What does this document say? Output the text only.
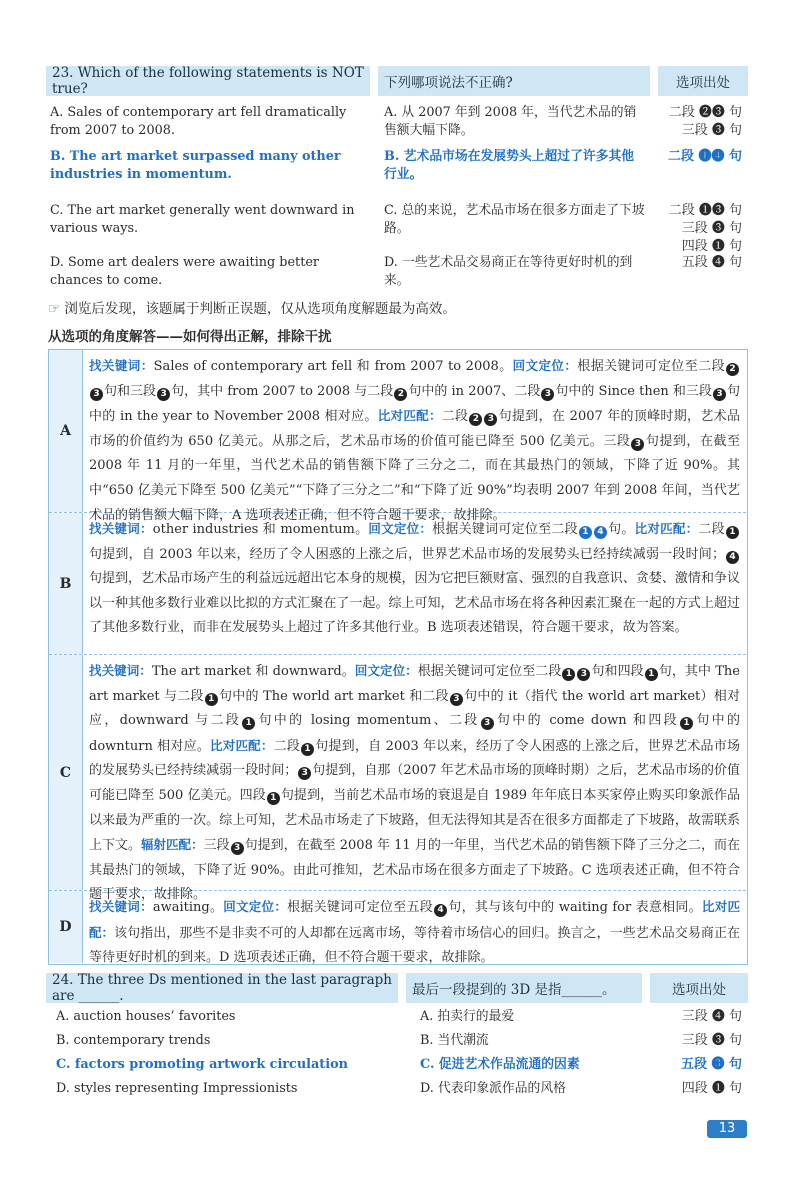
23. Which of the following statements is NOT true?	下列哪项说法不正确?	选项出处
A. Sales of contemporary art fell dramatically from 2007 to 2008.
A. 从 2007 年到 2008 年，当代艺术品的销售额大幅下降。
二段 ❷❸ 句
三段 ❸ 句
B. The art market surpassed many other industries in momentum.
B. 艺术品市场在发展势头上超过了许多其他行业。
二段 ❶❹ 句
C. The art market generally went downward in various ways.
C. 总的来说，艺术品市场在很多方面走了下坡路。
二段 ❶❸ 句
三段 ❸ 句
四段 ❶ 句
D. Some art dealers were awaiting better chances to come.
D. 一些艺术品交易商正在等待更好时机的到来。
五段 ❹ 句
☞ 浏览后发现，该题属于判断正误题，仅从选项角度解题最为高效。
从选项的角度解答——如何得出正解，排除干扰
A
找关键词：Sales of contemporary art fell 和 from 2007 to 2008。回文定位：根据关键词可定位至二段 23 句和三段 3 句，其中 from 2007 to 2008 与二段 2 句中的 in 2007、二段 3 句中的 Since then 和三段 3 句中的 in the year to November 2008 相对应。比对匹配：二段 2 3 句提到，在 2007 年的顶峰时期，艺术品市场的价值约为 650 亿美元。从那之后，艺术品市场的价值可能已降至 500 亿美元。三段 3 句提到，在截至 2008 年 11 月的一年里，当代艺术品的销售额下降了三分之二，而在其最热门的领域，下降了近 90%。其中“650 亿美元下降至 500 亿美元”“下降了三分之二”和“下降了近 90%”均表明 2007 年到 2008 年间，当代艺术品的销售额大幅下降，A 选项表述正确，但不符合题干要求，故排除。
B
找关键词：other industries 和 momentum。回文定位：根据关键词可定位至二段 1 4 句。比对匹配：二段 1句提到，自 2003 年以来，经历了令人困惑的上涨之后，世界艺术品市场的发展势头已经持续减弱一段时间； 4句提到，艺术品市场产生的利益远远超出它本身的规模，因为它把巨额财富、强烈的自我意识、贪婪、激情和争议以一种其他多数行业难以比拟的方式汇聚在了一起。综上可知，艺术品市场在将各种因素汇聚在一起的方式上超过了其他多数行业，而非在发展势头上超过了许多其他行业。B 选项表述错误，符合题干要求，故为答案。
C
找关键词：The art market 和 downward。回文定位：根据关键词可定位至二段 1 3 句和四段 1 句，其中 The art market 与二段 1 句中的 The world art market 和二段 3 句中的 it（指代 the world art market）相对应，downward 与二段 1 句中的 losing momentum、二段 3 句中的 come down 和四段 1 句中的 downturn 相对应。比对匹配：二段 1 句提到，自 2003 年以来，经历了令人困惑的上涨之后，世界艺术品市场的发展势头已经持续减弱一段时间； 3 句提到，自那（2007 年艺术品市场的顶峰时期）之后，艺术品市场的价值可能已降至 500 亿美元。四段 1 句提到，当前艺术品市场的衰退是自 1989 年年底日本买家停止购买印象派作品以来最为严重的一次。综上可知，艺术品市场走了下坡路，但无法得知其是否在很多方面都走了下坡路，故需联系上下文。辐射匹配：三段 3 句提到，在截至 2008 年 11 月的一年里，当代艺术品的销售额下降了三分之二，而在其最热门的领域，下降了近 90%。由此可推知，艺术品市场在很多方面走了下坡路。C 选项表述正确，但不符合题干要求，故排除。
D
找关键词：awaiting。回文定位：根据关键词可定位至五段 4 句，其与该句中的 waiting for 表意相同。比对匹配：该句指出，那些不是非卖不可的人却都在远离市场，等待着市场信心的回归。换言之，一些艺术品交易商正在等待更好时机的到来。D 选项表述正确，但不符合题干要求，故排除。
24. The three Ds mentioned in the last paragraph are ______.	最后一段提到的 3D 是指______。	选项出处
A. auction houses’ favorites	A. 拍卖行的最爱	三段 ❹ 句
B. contemporary trends	B. 当代潮流	三段 ❸ 句
C. factors promoting artwork circulation	C. 促进艺术作品流通的因素	五段 ❸ 句
D. styles representing Impressionists	D. 代表印象派作品的风格	四段 ❶ 句
13
